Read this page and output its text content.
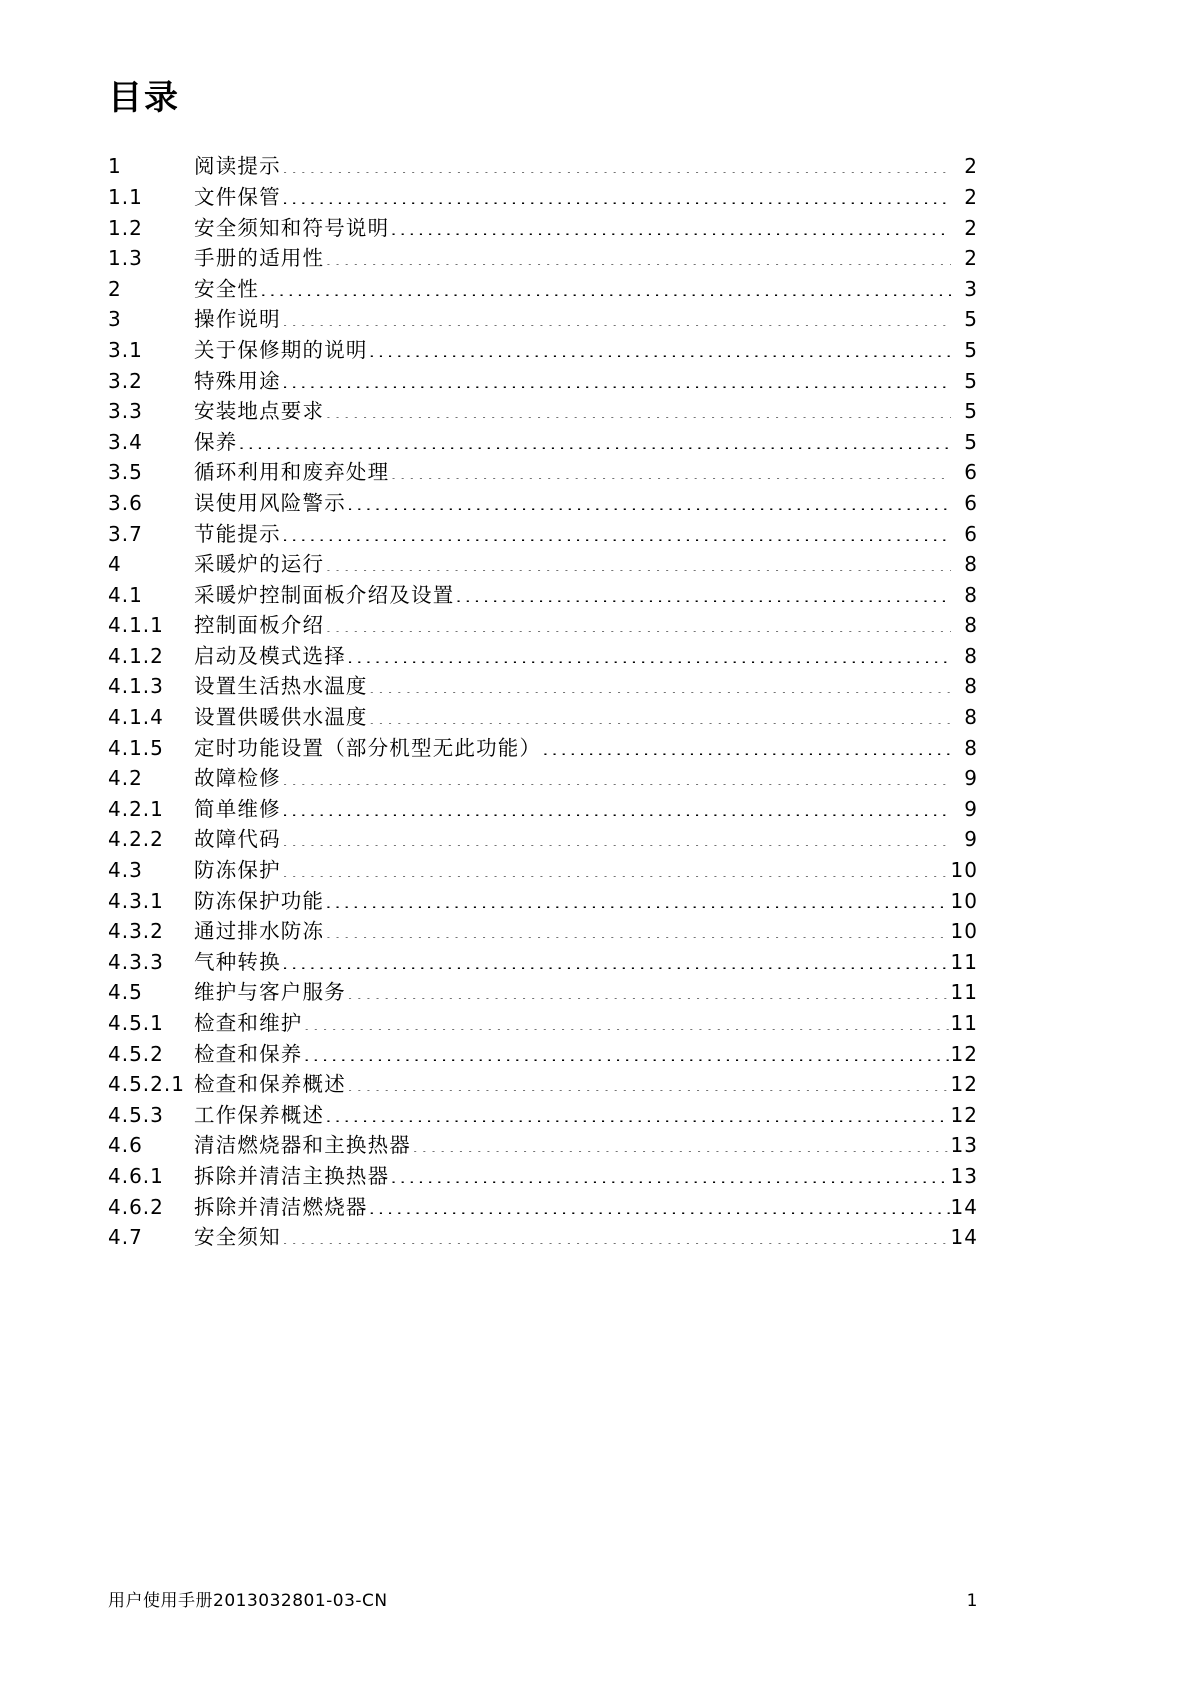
目录
1	阅读提示 .....	2
1.1	文件保管 .....	2
1.2	安全须知和符号说明 .....	2
1.3	手册的适用性 .....	2
2	安全性 .....	3
3	操作说明 .....	5
3.1	关于保修期的说明 .....	5
3.2	特殊用途 .....	5
3.3	安装地点要求 .....	5
3.4	保养 .....	5
3.5	循环利用和废弃处理 .....	6
3.6	误使用风险警示 .....	6
3.7	节能提示 .....	6
4	采暖炉的运行 .....	8
4.1	采暖炉控制面板介绍及设置 .....	8
4.1.1	控制面板介绍 .....	8
4.1.2	启动及模式选择 .....	8
4.1.3	设置生活热水温度 .....	8
4.1.4	设置供暖供水温度 .....	8
4.1.5	定时功能设置（部分机型无此功能） .....	8
4.2	故障检修 .....	9
4.2.1	简单维修 .....	9
4.2.2	故障代码 .....	9
4.3	防冻保护 .....	10
4.3.1	防冻保护功能 .....	10
4.3.2	通过排水防冻 .....	10
4.3.3	气种转换 .....	11
4.5	维护与客户服务 .....	11
4.5.1	检查和维护 .....	11
4.5.2	检查和保养 .....	12
4.5.2.1 检查和保养概述 .....	12
4.5.3	工作保养概述 .....	12
4.6	清洁燃烧器和主换热器 .....	13
4.6.1	拆除并清洁主换热器 .....	13
4.6.2	拆除并清洁燃烧器 .....	14
4.7	安全须知 .....	14
用户使用手册2013032801-03-CN	1
